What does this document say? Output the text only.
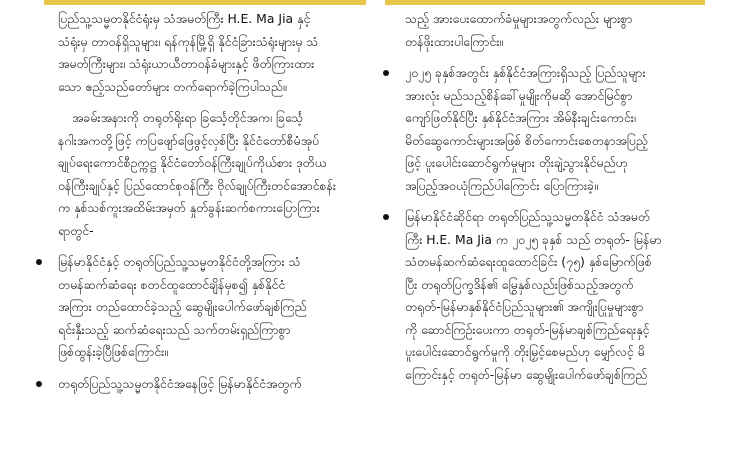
ပြည်သူ့သမ္မတနိုင်ငံရုံးမှ သံအမတ်ကြီး H.E. Ma Jia နှင့်
သံရုံးမှ တာဝန်ရှိသူများ၊ ရန်ကုန်မြို့ရှိ နိုင်ငံခြားသံရုံးများမှ သံ
အမတ်ကြီးများ၊ သံရုံးယာယီတာဝန်ခံများနှင့် ဖိတ်ကြားထား
သော ဧည့်သည်တော်များ တက်ရောက်ခဲ့ကြပါသည်။
အခမ်းအနားကို တရုတ်ရိုးရာ ခြင်္သေ့တိုင်အက၊ ခြင်္သေ့
နဂါးအကတို့ဖြင့် ကပြဖျော်ဖြေဖွင့်လှစ်ပြီး နိုင်ငံတော်စီမံအုပ်
ချုပ်ရေးကောင်စီဥက္ကဋ္ဌ နိုင်ငံတော်ဝန်ကြီးချုပ်ကိုယ်စား ဒုတိယ
ဝန်ကြီးချုပ်နှင့် ပြည်ထောင်စုဝန်ကြီး ဗိုလ်ချုပ်ကြီးတင်အောင်စန်း
က နှစ်သစ်ကူးအထိမ်းအမှတ် နှုတ်ခွန်းဆက်စကားပြောကြား
ရာတွင်-
မြန်မာနိုင်ငံနှင့် တရုတ်ပြည်သူ့သမ္မတနိုင်ငံတို့အကြား သံ
တမန်ဆက်ဆံရေး စတင်ထူထောင်ချိန်မှစ၍ နှစ်နိုင်ငံ
အကြား တည်ထောင်ခဲ့သည့် ဆွေမျိုးပေါက်ဖော်ချစ်ကြည်
ရင်းနှီးသည့် ဆက်ဆံရေးသည် သက်တမ်းရှည်ကြာစွာ
ဖြစ်ထွန်းခဲ့ပြီဖြစ်ကြောင်း။
တရုတ်ပြည်သူ့သမ္မတနိုင်ငံအနေဖြင့် မြန်မာနိုင်ငံအတွက်
သည့် အားပေးထောက်ခံမှုများအတွက်လည်း များစွာ
တန်ဖိုးထားပါကြောင်း။
၂၀၂၅ ခုနှစ်အတွင်း နှစ်နိုင်ငံအကြားရှိသည့် ပြည်သူများ
အားလုံး မည်သည့်စိန်ခေါ်မှုမျိုးကိုမဆို အောင်မြင်စွာ
ကျော်ဖြတ်နိုင်ပြီး နှစ်နိုင်ငံအကြား အိမ်နီးချင်းကောင်း၊
မိတ်ဆွေကောင်းများအဖြစ် စိတ်ကောင်းစေတနာအပြည့်
ဖြင့် ပူးပေါင်းဆောင်ရွက်မှုများ တိုးချဲ့သွားနိုင်မည်ဟု
အပြည့်အဝယုံကြည်ပါကြောင်း ပြောကြားခဲ့။
မြန်မာနိုင်ငံဆိုင်ရာ တရုတ်ပြည်သူ့သမ္မတနိုင်ငံ သံအမတ်
ကြီး H.E. Ma Jia က ၂၀၂၅ ခုနှစ် သည် တရုတ်- မြန်မာ
သံတမန်ဆက်ဆံရေးထူထောင်ခြင်း (၇၅) နှစ်မြောက်ဖြစ်
ပြီး တရုတ်ပြက္ခဒိန်၏ မြွေနှစ်လည်းဖြစ်သည့်အတွက်
တရုတ်-မြန်မာနှစ်နိုင်ငံပြည်သူများ၏ အကျိုးပြုမှုများစွာ
ကို ဆောင်ကြဉ်းပေးကာ တရုတ်-မြန်မာချစ်ကြည်ရေးနှင့်
ပူးပေါင်းဆောင်ရွက်မှုကို တိုးမြှင့်စေမည်ဟု မျှော်လင့် မိ
ကြောင်းနှင့် တရုတ်-မြန်မာ ဆွေမျိုးပေါက်ဖော်ချစ်ကြည်
